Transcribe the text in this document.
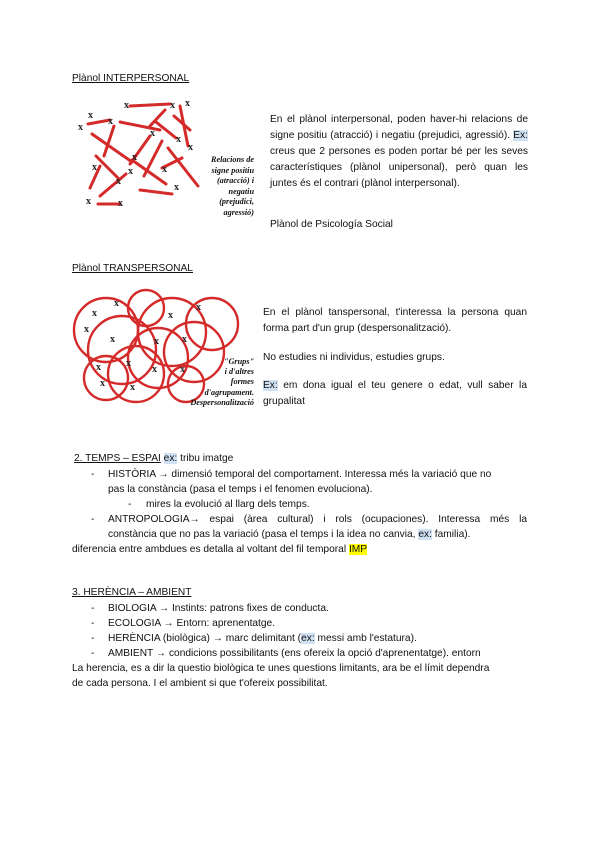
Plànol INTERPERSONAL
x
x
x
x	x x
x
x
x
x
x
x	x
x	x
x
x
Relacions de
signe positiu
(atracció) i
negatiu
(prejudici,
agressió)
En el plànol interpersonal, poden haver-hi relacions de signe positiu (atracció) i negatiu (prejudici, agressió). Ex: creus que 2 persones es poden portar bé per les seves característiques (plànol unipersonal), però quan les juntes és el contrari (plànol interpersonal).
Plànol de Psicología Social
Plànol TRANSPERSONAL
x
x
x
x
x
x
x x
x
x	x x
x	x
"Grups"
i d'altres
formes
d'agrupament.
Despersonalització
En el plànol tanspersonal, t'interessa la persona quan forma part d'un grup (despersonalització).
No estudies ni individus, estudies grups.
Ex: em dona igual el teu genere o edat, vull saber la grupalitat
2. TEMPS – ESPAI ex: tribu imatge
-	HISTÒRIA → dimensió temporal del comportament. Interessa més la variació que no
pas la constància (pasa el temps i el fenomen evoluciona).
-	mires la evolució al llarg dels temps.
-	ANTROPOLOGIA→ espai (àrea cultural) i rols (ocupaciones). Interessa més la
constància que no pas la variació (pasa el temps i la idea no canvia, ex: familia).
diferencia entre ambdues es detalla al voltant del fil temporal IMP
3. HERÈNCIA – AMBIENT
-	BIOLOGIA → Instints: patrons fixes de conducta.
-	ECOLOGIA → Entorn: aprenentatge.
-	HERÈNCIA (biològica) → marc delimitant (ex: messi amb l'estatura).
-	AMBIENT → condicions possibilitants (ens ofereix la opció d'aprenentatge). entorn
La herencia, es a dir la questio biològica te unes questions limitants, ara be el límit dependra
de cada persona. I el ambient si que t'ofereix possibilitat.
